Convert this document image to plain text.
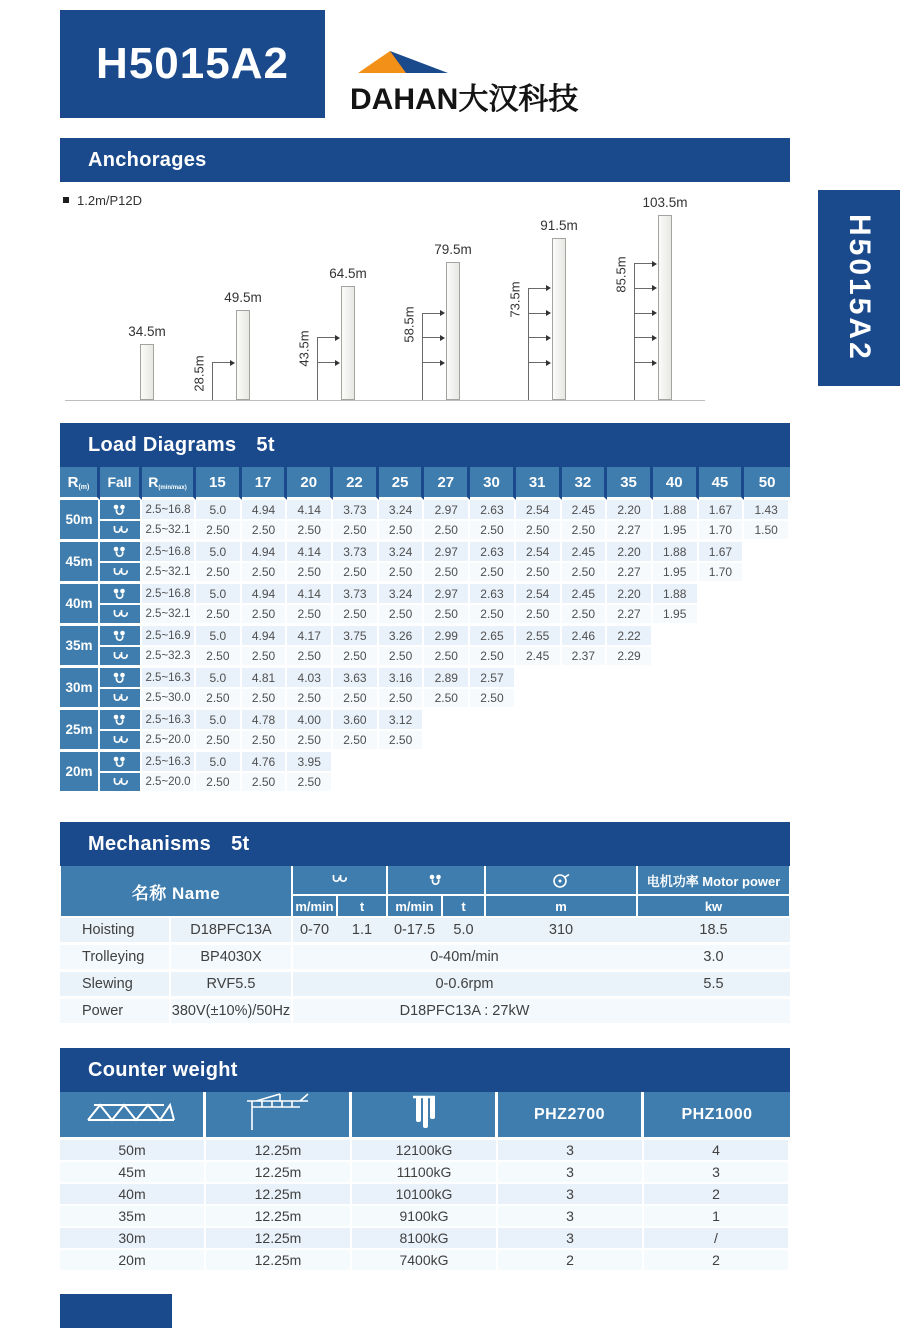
H5015A2
DAHAN大汉科技
Anchorages
1.2m/P12D
34.5m
49.5m
28.5m
64.5m
43.5m
79.5m
58.5m
91.5m
73.5m
103.5m
85.5m	H5015A2
Load Diagrams 5t
R(m)	Fall	R(min/max)	15	17	20	22	25	27	30	31	32	35	40	45	50
50m		2.5~16.8	5.0	4.94	4.14	3.73	3.24	2.97	2.63	2.54	2.45	2.20	1.88	1.67	1.43
	2.5~32.1	2.50	2.50	2.50	2.50	2.50	2.50	2.50	2.50	2.50	2.27	1.95	1.70	1.50
45m		2.5~16.8	5.0	4.94	4.14	3.73	3.24	2.97	2.63	2.54	2.45	2.20	1.88	1.67	
	2.5~32.1	2.50	2.50	2.50	2.50	2.50	2.50	2.50	2.50	2.50	2.27	1.95	1.70	
40m		2.5~16.8	5.0	4.94	4.14	3.73	3.24	2.97	2.63	2.54	2.45	2.20	1.88		
	2.5~32.1	2.50	2.50	2.50	2.50	2.50	2.50	2.50	2.50	2.50	2.27	1.95		
35m		2.5~16.9	5.0	4.94	4.17	3.75	3.26	2.99	2.65	2.55	2.46	2.22			
	2.5~32.3	2.50	2.50	2.50	2.50	2.50	2.50	2.50	2.45	2.37	2.29			
30m		2.5~16.3	5.0	4.81	4.03	3.63	3.16	2.89	2.57						
	2.5~30.0	2.50	2.50	2.50	2.50	2.50	2.50	2.50						
25m		2.5~16.3	5.0	4.78	4.00	3.60	3.12								
	2.5~20.0	2.50	2.50	2.50	2.50	2.50								
20m		2.5~16.3	5.0	4.76	3.95										
	2.5~20.0	2.50	2.50	2.50										
Mechanisms 5t
名称 Name
电机功率 Motor power
m/min	t	m/min	t	m	kw
Hoisting	D18PFC13A	0-70	1.1	0-17.5	5.0	310	18.5
Trolleying	BP4030X	0-40m/min	3.0
Slewing	RVF5.5	0-0.6rpm	5.5
Power	380V(±10%)/50Hz	D18PFC13A : 27kW
Counter weight
			PHZ2700	PHZ1000
50m	12.25m	12100kG	3	4
45m	12.25m	11100kG	3	3
40m	12.25m	10100kG	3	2
35m	12.25m	9100kG	3	1
30m	12.25m	8100kG	3	/
20m	12.25m	7400kG	2	2
